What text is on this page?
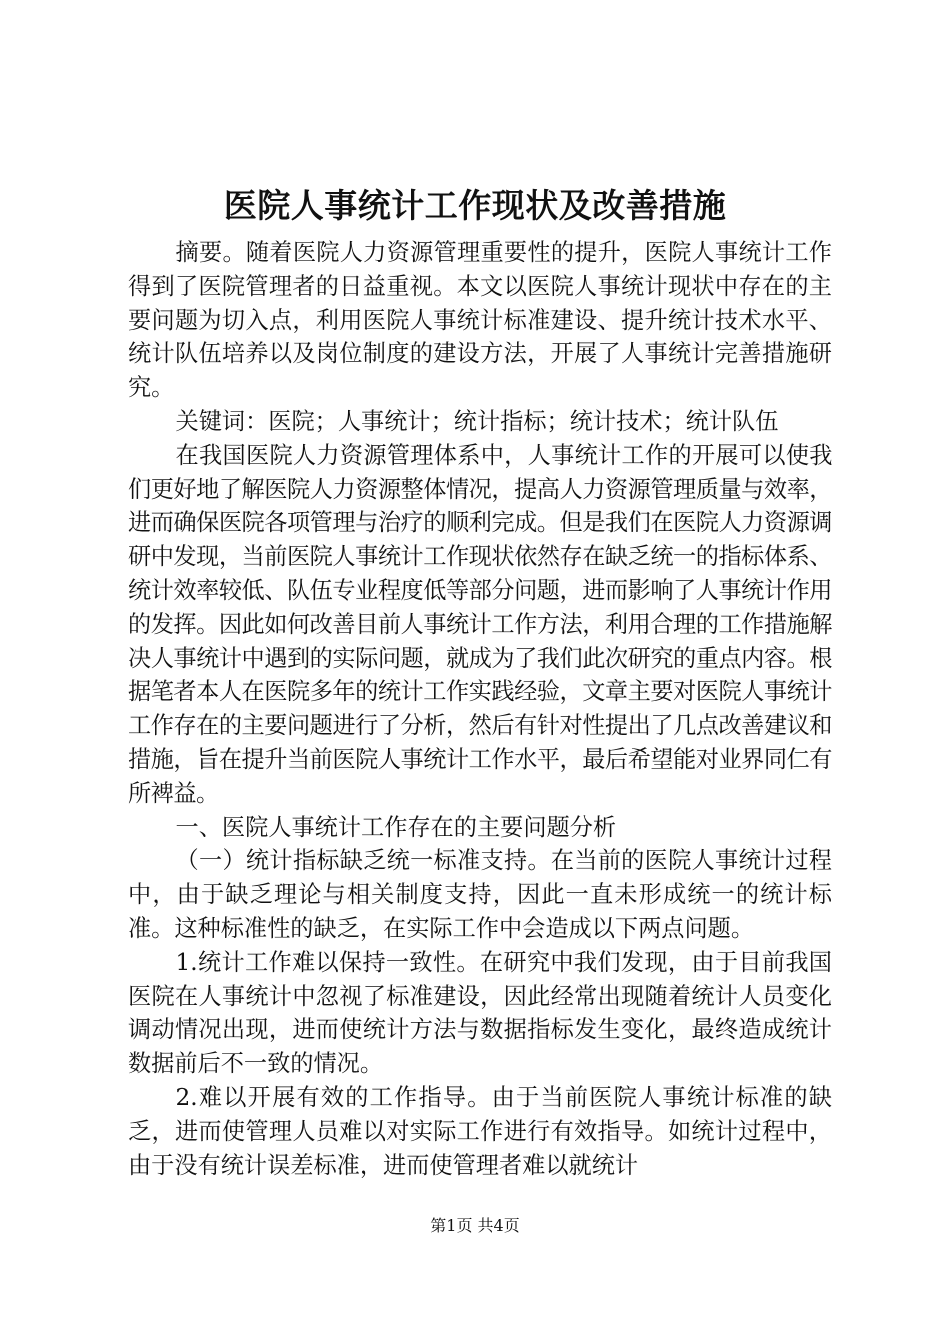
医院人事统计工作现状及改善措施

摘要。随着医院人力资源管理重要性的提升，医院人事统计工作得到了医院管理者的日益重视。本文以医院人事统计现状中存在的主要问题为切入点，利用医院人事统计标准建设、提升统计技术水平、统计队伍培养以及岗位制度的建设方法，开展了人事统计完善措施研究。

关键词：医院；人事统计；统计指标；统计技术；统计队伍

在我国医院人力资源管理体系中，人事统计工作的开展可以使我们更好地了解医院人力资源整体情况，提高人力资源管理质量与效率，进而确保医院各项管理与治疗的顺利完成。但是我们在医院人力资源调研中发现，当前医院人事统计工作现状依然存在缺乏统一的指标体系、统计效率较低、队伍专业程度低等部分问题，进而影响了人事统计作用的发挥。因此如何改善目前人事统计工作方法，利用合理的工作措施解决人事统计中遇到的实际问题，就成为了我们此次研究的重点内容。根据笔者本人在医院多年的统计工作实践经验，文章主要对医院人事统计工作存在的主要问题进行了分析，然后有针对性提出了几点改善建议和措施，旨在提升当前医院人事统计工作水平，最后希望能对业界同仁有所裨益。

一、医院人事统计工作存在的主要问题分析

（一）统计指标缺乏统一标准支持。在当前的医院人事统计过程中，由于缺乏理论与相关制度支持，因此一直未形成统一的统计标准。这种标准性的缺乏，在实际工作中会造成以下两点问题。

1.统计工作难以保持一致性。在研究中我们发现，由于目前我国医院在人事统计中忽视了标准建设，因此经常出现随着统计人员变化调动情况出现，进而使统计方法与数据指标发生变化，最终造成统计数据前后不一致的情况。

2.难以开展有效的工作指导。由于当前医院人事统计标准的缺乏，进而使管理人员难以对实际工作进行有效指导。如统计过程中，由于没有统计误差标准，进而使管理者难以就统计

第1页 共4页
